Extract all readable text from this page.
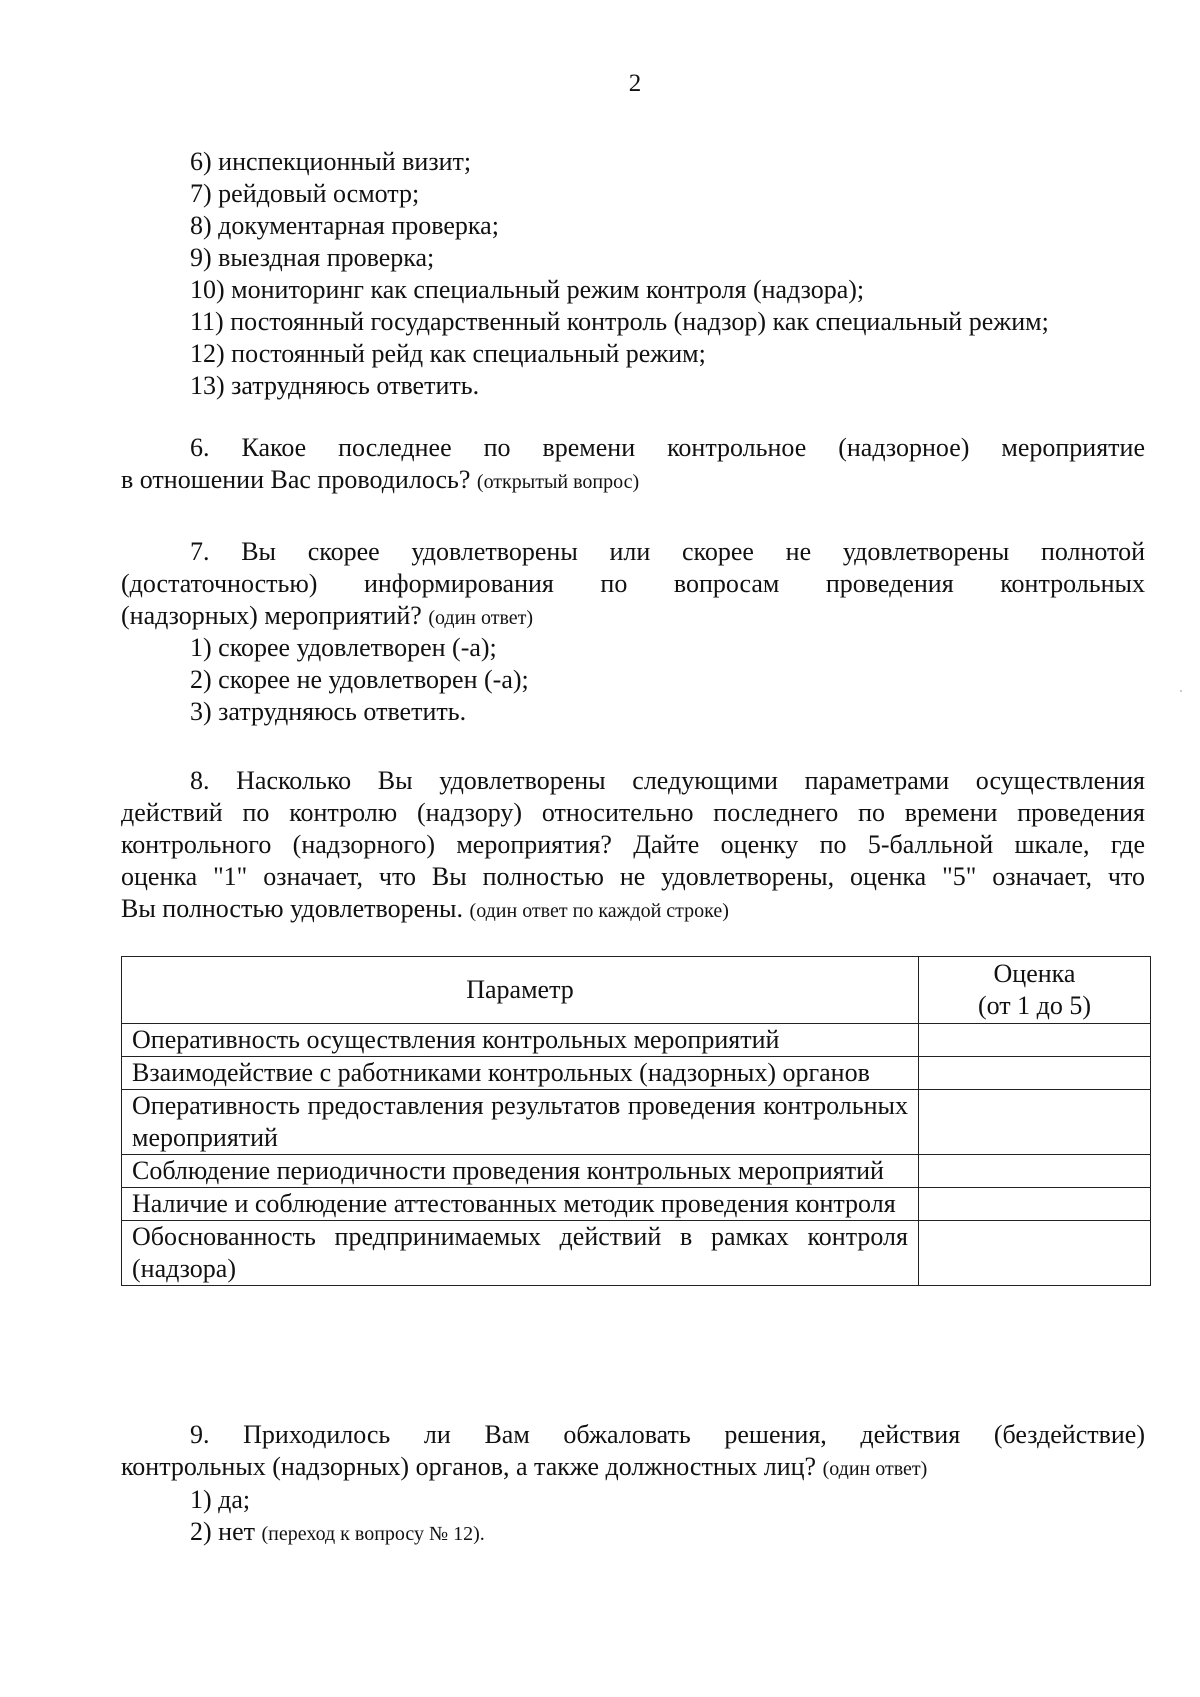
2
6) инспекционный визит;
7) рейдовый осмотр;
8) документарная проверка;
9) выездная проверка;
10) мониторинг как специальный режим контроля (надзора);
11) постоянный государственный контроль (надзор) как специальный режим;
12) постоянный рейд как специальный режим;
13) затрудняюсь ответить.
6. Какое последнее по времени контрольное (надзорное) мероприятие
в отношении Вас проводилось? (открытый вопрос)
7. Вы скорее удовлетворены или скорее не удовлетворены полнотой
(достаточностью) информирования по вопросам проведения контрольных
(надзорных) мероприятий? (один ответ)
1) скорее удовлетворен (-а);
2) скорее не удовлетворен (-а);
3) затрудняюсь ответить.
8. Насколько Вы удовлетворены следующими параметрами осуществления
действий по контролю (надзору) относительно последнего по времени проведения
контрольного (надзорного) мероприятия? Дайте оценку по 5-балльной шкале, где
оценка "1" означает, что Вы полностью не удовлетворены, оценка "5" означает, что
Вы полностью удовлетворены. (один ответ по каждой строке)
Параметр	Оценка
(от 1 до 5)

Оперативность осуществления контрольных мероприятий	
Взаимодействие с работниками контрольных (надзорных) органов	
Оперативность предоставления результатов проведения контрольных мероприятий	
Соблюдение периодичности проведения контрольных мероприятий	
Наличие и соблюдение аттестованных методик проведения контроля	
Обоснованность предпринимаемых действий в рамках контроля (надзора)	
9. Приходилось ли Вам обжаловать решения, действия (бездействие)
контрольных (надзорных) органов, а также должностных лиц? (один ответ)
1) да;
2) нет (переход к вопросу № 12).
